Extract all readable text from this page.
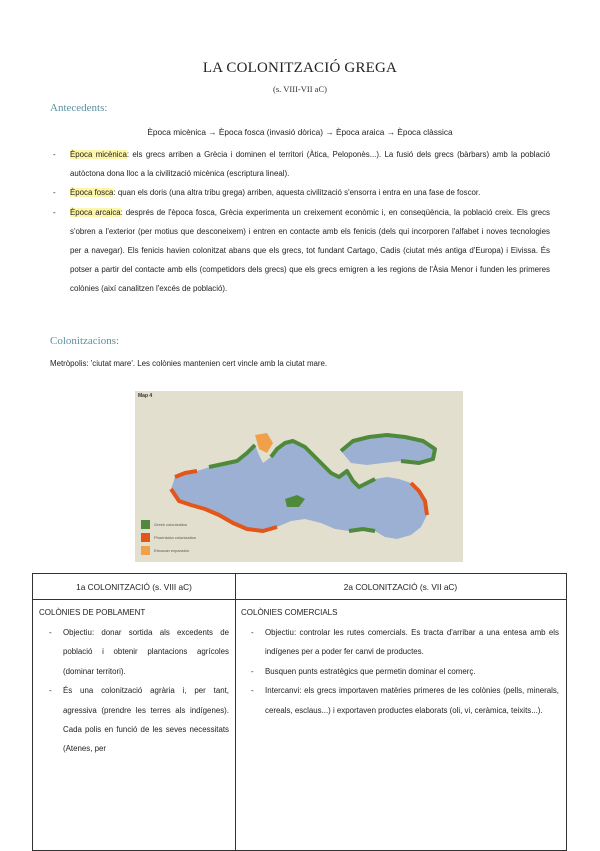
LA COLONITZACIÓ GREGA
(s. VIII-VII aC)
Antecedents:
Època micènica → Època fosca (invasió dòrica) → Època araica → Època clàssica
- Època micènica: els grecs arriben a Grècia i dominen el territori (Àtica, Peloponès...). La fusió dels grecs (bàrbars) amb la població autòctona dona lloc a la civilització micènica (escriptura lineal).
- Època fosca: quan els doris (una altra tribu grega) arriben, aquesta civilització s'ensorra i entra en una fase de foscor.
- Època arcaica: després de l'època fosca, Grècia experimenta un creixement econòmic i, en conseqüència, la població creix. Els grecs s'obren a l'exterior (per motius que desconeixem) i entren en contacte amb els fenicis (dels qui incorporen l'alfabet i noves tecnologies per a navegar). Els fenicis havien colonitzat abans que els grecs, tot fundant Cartago, Cadis (ciutat més antiga d'Europa) i Eivissa. És potser a partir del contacte amb ells (competidors dels grecs) que els grecs emigren a les regions de l'Àsia Menor i funden les primeres colònies (així canalitzen l'excés de població).
Colonitzacions:
Metròpolis: 'ciutat mare'. Les colònies mantenien cert vincle amb la ciutat mare.
Map 4
Greek colonization
Phoenician colonization
Etruscan expansion
1a COLONITZACIÓ (s. VIII aC)	2a COLONITZACIÓ (s. VII aC)
COLÒNIES DE POBLAMENT
- Objectiu: donar sortida als excedents de població i obtenir plantacions agrícoles (dominar territori).
- És una colonització agrària i, per tant, agressiva (prendre les terres als indígenes). Cada polis en funció de les seves necessitats (Atenes, per
COLÒNIES COMERCIALS
- Objectiu: controlar les rutes comercials. Es tracta d'arribar a una entesa amb els indígenes per a poder fer canvi de productes.
- Busquen punts estratègics que permetin dominar el comerç.
- Intercanvi: els grecs importaven matèries primeres de les colònies (pells, minerals, cereals, esclaus...) i exportaven productes elaborats (oli, vi, ceràmica, teixits...).
